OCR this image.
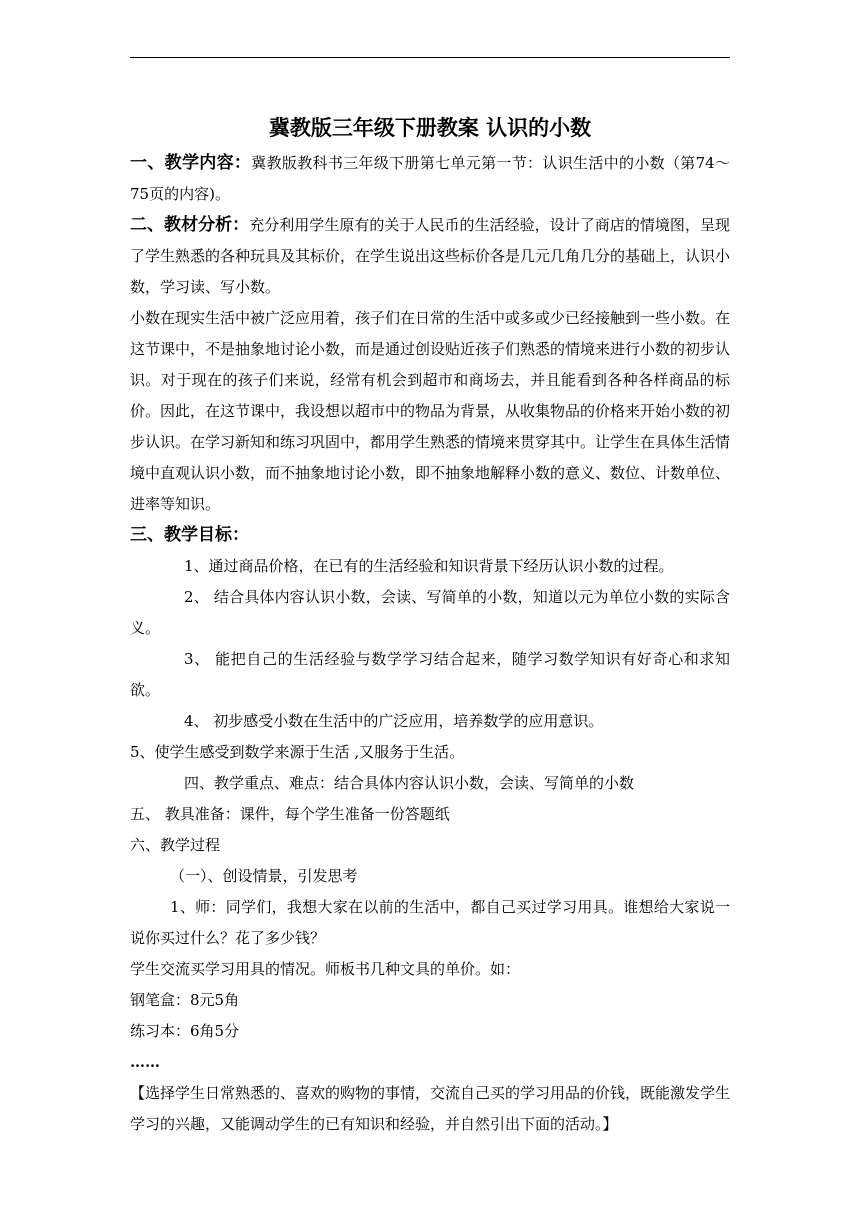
冀教版三年级下册教案 认识的小数

一、教学内容：冀教版教科书三年级下册第七单元第一节：认识生活中的小数（第74～75页的内容)。

二、教材分析：充分利用学生原有的关于人民币的生活经验，设计了商店的情境图，呈现了学生熟悉的各种玩具及其标价，在学生说出这些标价各是几元几角几分的基础上，认识小数，学习读、写小数。

小数在现实生活中被广泛应用着，孩子们在日常的生活中或多或少已经接触到一些小数。在这节课中，不是抽象地讨论小数，而是通过创设贴近孩子们熟悉的情境来进行小数的初步认识。对于现在的孩子们来说，经常有机会到超市和商场去，并且能看到各种各样商品的标价。因此，在这节课中，我设想以超市中的物品为背景，从收集物品的价格来开始小数的初步认识。在学习新知和练习巩固中，都用学生熟悉的情境来贯穿其中。让学生在具体生活情境中直观认识小数，而不抽象地讨论小数，即不抽象地解释小数的意义、数位、计数单位、进率等知识。

三、教学目标：

1、通过商品价格，在已有的生活经验和知识背景下经历认识小数的过程。

2、 结合具体内容认识小数，会读、写简单的小数，知道以元为单位小数的实际含义。

3、 能把自己的生活经验与数学学习结合起来，随学习数学知识有好奇心和求知欲。

4、 初步感受小数在生活中的广泛应用，培养数学的应用意识。

5、使学生感受到数学来源于生活 ,又服务于生活。

四、教学重点、难点：结合具体内容认识小数，会读、写简单的小数

五、 教具准备：课件，每个学生准备一份答题纸

六、教学过程

（一）、创设情景，引发思考

1、师：同学们，我想大家在以前的生活中，都自己买过学习用具。谁想给大家说一说你买过什么？花了多少钱？

学生交流买学习用具的情况。师板书几种文具的单价。如：

钢笔盒：8元5角

练习本：6角5分

……

【选择学生日常熟悉的、喜欢的购物的事情，交流自己买的学习用品的价钱，既能激发学生学习的兴趣，又能调动学生的已有知识和经验，并自然引出下面的活动。】
